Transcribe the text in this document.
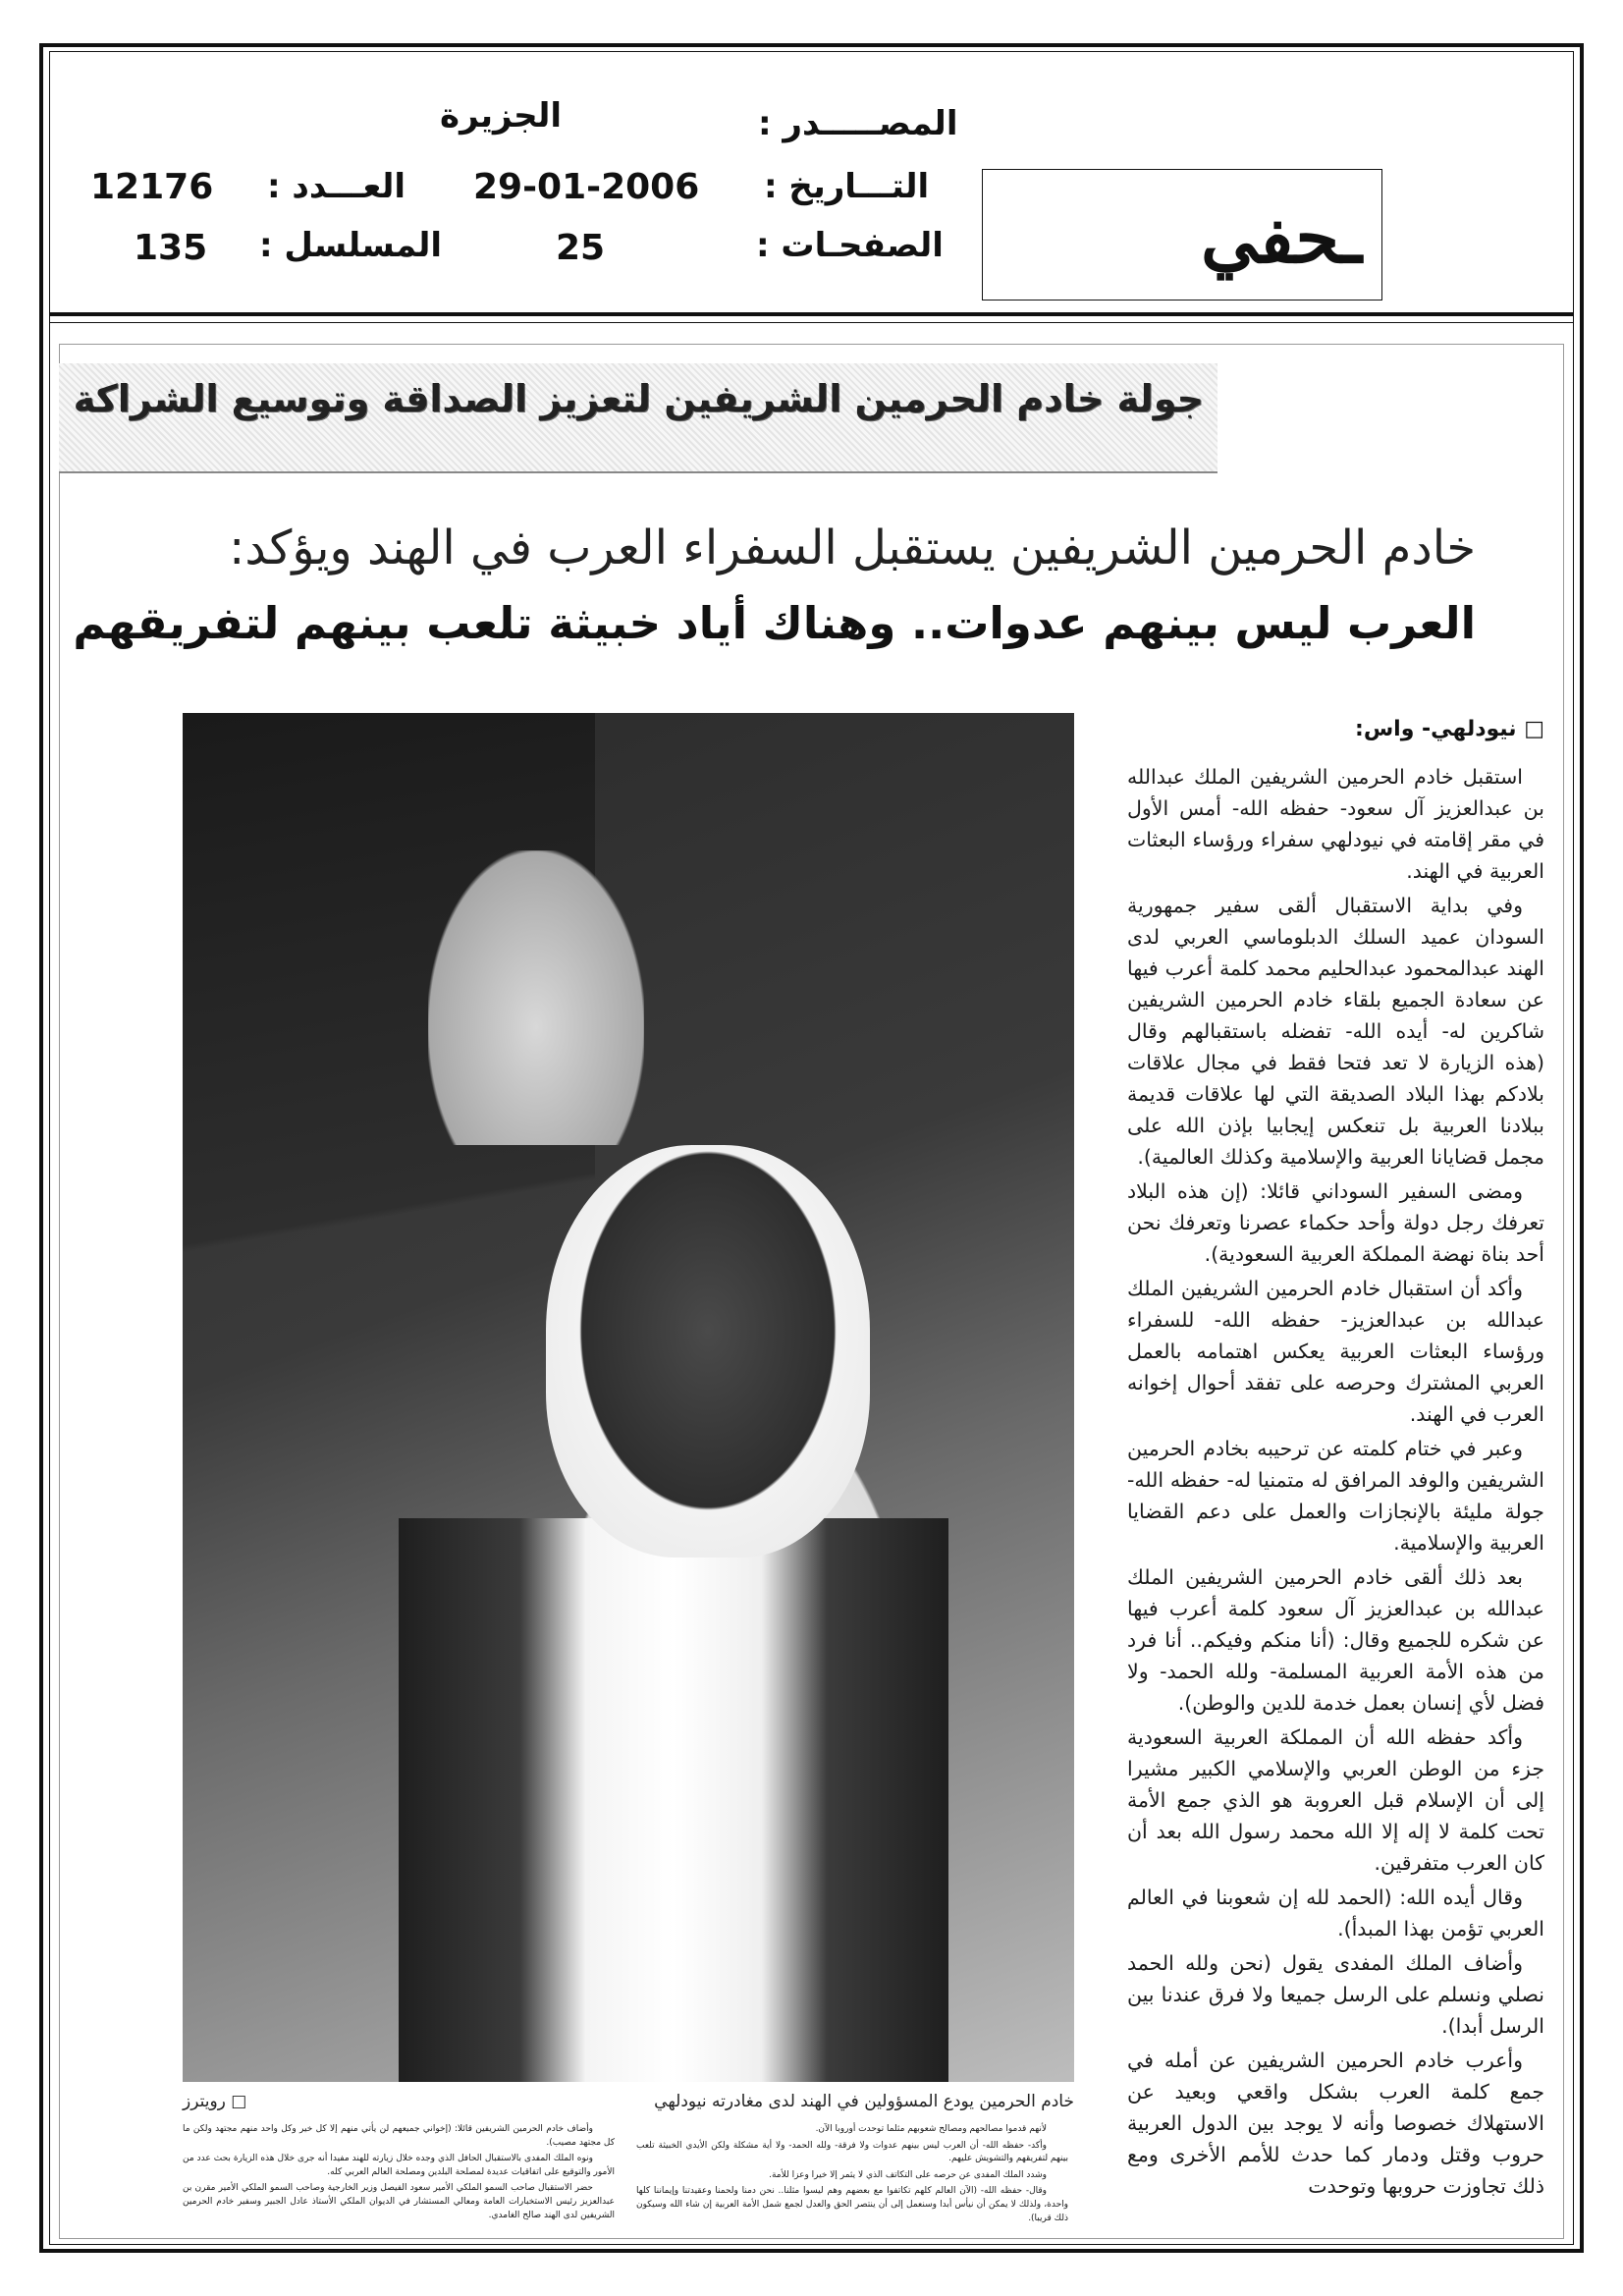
المصـــــدر :
الجزيرة
التـــاريخ :
29-01-2006
الصفحـات :
25
العـــدد :
12176
المسلسل :
135	ـحفي
جولة خادم الحرمين الشريفين لتعزيز الصداقة وتوسيع الشراكة
خادم الحرمين الشريفين يستقبل السفراء العرب في الهند ويؤكد:
العرب ليس بينهم عدوات.. وهناك أياد خبيثة تلعب بينهم لتفريقهم
خادم الحرمين يودع المسؤولين في الهند لدى مغادرته نيودلهي
□ رويترز
□ نيودلهي- واس:

استقبل خادم الحرمين الشريفين الملك عبدالله بن عبدالعزيز آل سعود- حفظه الله- أمس الأول في مقر إقامته في نيودلهي سفراء ورؤساء البعثات العربية في الهند.

وفي بداية الاستقبال ألقى سفير جمهورية السودان عميد السلك الدبلوماسي العربي لدى الهند عبدالمحمود عبدالحليم محمد كلمة أعرب فيها عن سعادة الجميع بلقاء خادم الحرمين الشريفين شاكرين له- أيده الله- تفضله باستقبالهم وقال (هذه الزيارة لا تعد فتحا فقط في مجال علاقات بلادكم بهذا البلاد الصديقة التي لها علاقات قديمة ببلادنا العربية بل تنعكس إيجابيا بإذن الله على مجمل قضايانا العربية والإسلامية وكذلك العالمية).

ومضى السفير السوداني قائلا: (إن هذه البلاد تعرفك رجل دولة وأحد حكماء عصرنا وتعرفك نحن أحد بناة نهضة المملكة العربية السعودية).

وأكد أن استقبال خادم الحرمين الشريفين الملك عبدالله بن عبدالعزيز- حفظه الله- للسفراء ورؤساء البعثات العربية يعكس اهتمامه بالعمل العربي المشترك وحرصه على تفقد أحوال إخوانه العرب في الهند.

وعبر في ختام كلمته عن ترحيبه بخادم الحرمين الشريفين والوفد المرافق له متمنيا له- حفظه الله- جولة مليئة بالإنجازات والعمل على دعم القضايا العربية والإسلامية.

بعد ذلك ألقى خادم الحرمين الشريفين الملك عبدالله بن عبدالعزيز آل سعود كلمة أعرب فيها عن شكره للجميع وقال: (أنا منكم وفيكم.. أنا فرد من هذه الأمة العربية المسلمة- ولله الحمد- ولا فضل لأي إنسان بعمل خدمة للدين والوطن).

وأكد حفظه الله أن المملكة العربية السعودية جزء من الوطن العربي والإسلامي الكبير مشيرا إلى أن الإسلام قبل العروبة هو الذي جمع الأمة تحت كلمة لا إله إلا الله محمد رسول الله بعد أن كان العرب متفرقين.

وقال أيده الله: (الحمد لله إن شعوبنا في العالم العربي تؤمن بهذا المبدأ).

وأضاف الملك المفدى يقول (نحن ولله الحمد نصلي ونسلم على الرسل جميعا ولا فرق عندنا بين الرسل أبدا).

وأعرب خادم الحرمين الشريفين عن أمله في جمع كلمة العرب بشكل واقعي وبعيد عن الاستهلاك خصوصا وأنه لا يوجد بين الدول العربية حروب وقتل ودمار كما حدث للأمم الأخرى ومع ذلك تجاوزت حروبها وتوحدت

لأنهم قدموا مصالحهم ومصالح شعوبهم مثلما توحدت أوروبا الآن.

وأكد- حفظه الله- أن العرب ليس بينهم عدوات ولا فرقة- ولله الحمد- ولا أية مشكلة ولكن الأيدي الخبيثة تلعب بينهم لتفريقهم والتشويش عليهم.

وشدد الملك المفدى عن حرصه على التكاتف الذي لا يثمر إلا خيرا وعزا للأمة.

وقال- حفظه الله- (الآن العالم كلهم تكاتفوا مع بعضهم وهم ليسوا مثلنا.. نحن دمنا ولحمنا وعقيدتنا وإيماننا كلها واحدة، ولذلك لا يمكن أن نيأس أبدا وسنعمل إلى أن ينتصر الحق والعدل لجمع شمل الأمة العربية إن شاء الله وسيكون ذلك قريبا).

وأضاف خادم الحرمين الشريفين قائلا: (إخواني جميعهم لن يأتي منهم إلا كل خير وكل واحد منهم مجتهد ولكن ما كل مجتهد مصيب).

ونوه الملك المفدى بالاستقبال الحافل الذي وجده خلال زيارته للهند مفيدا أنه جرى خلال هذه الزيارة بحث عدد من الأمور والتوقيع على اتفاقيات عديدة لمصلحة البلدين ومصلحة العالم العربي كله.

حضر الاستقبال صاحب السمو الملكي الأمير سعود الفيصل وزير الخارجية وصاحب السمو الملكي الأمير مقرن بن عبدالعزيز رئيس الاستخبارات العامة ومعالي المستشار في الديوان الملكي الأستاذ عادل الجبير وسفير خادم الحرمين الشريفين لدى الهند صالح الغامدي.
